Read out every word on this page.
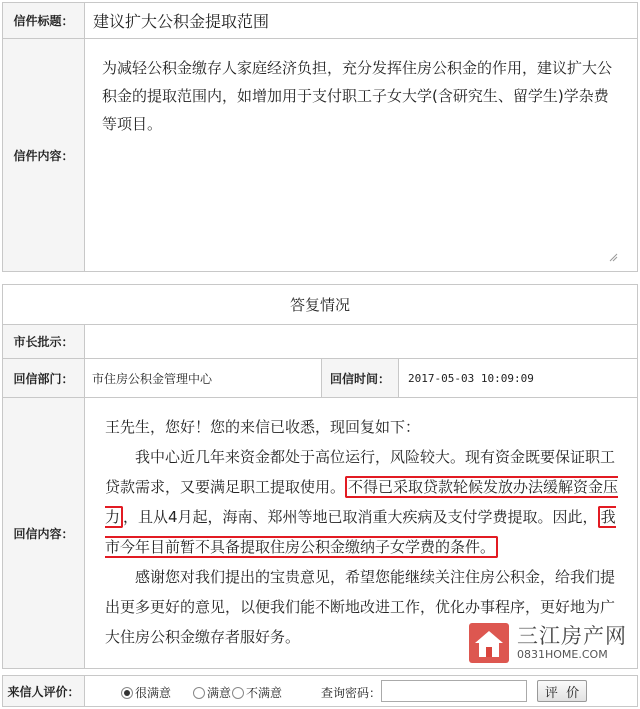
信件标题：	建议扩大公积金提取范围
信件内容：
为减轻公积金缴存人家庭经济负担，充分发挥住房公积金的作用，建议扩大公积金的提取范围内，如增加用于支付职工子女大学(含研究生、留学生)学杂费等项目。
答复情况
市长批示：
回信部门： 市住房公积金管理中心	回信时间： 2017-05-03 10:09:09
回信内容：
王先生，您好！您的来信已收悉，现回复如下：
我中心近几年来资金都处于高位运行，风险较大。现有资金既要保证职工贷款需求，又要满足职工提取使用。 不得已采取贷款轮候发放办法缓解资金压力 ，且从4月起，海南、郑州等地已取消重大疾病及支付学费提取。因此， 我市今年目前暂不具备提取住房公积金缴纳子女学费的条件。
感谢您对我们提出的宝贵意见，希望您能继续关注住房公积金，给我们提出更多更好的意见，以便我们能不断地改进工作，优化办事程序，更好地为广大住房公积金缴存者服好务。	三江房产网
0831HOME.COM
来信人评价：	很满意	满意	不满意	查询密码：	评  价
